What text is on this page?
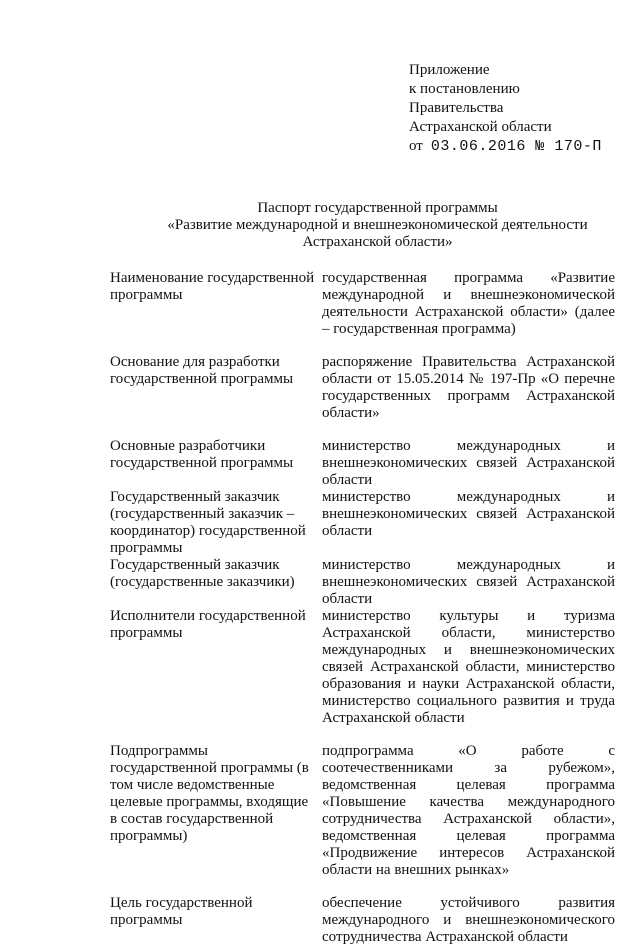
Приложение
к постановлению
Правительства
Астраханской области
от 03.06.2016 № 170-П
Паспорт государственной программы
«Развитие международной и внешнеэкономической деятельности
Астраханской области»
Наименование государственной программы	государственная программа «Развитие международной и внешнеэкономической деятельности Астраханской области» (далее – государственная программа)
Основание для разработки государственной программы	распоряжение Правительства Астраханской области от 15.05.2014 № 197-Пр «О перечне государственных программ Астраханской области»
Основные разработчики государственной программы	министерство международных и внешнеэкономических связей Астраханской области
Государственный заказчик (государственный заказчик – координатор) государственной программы	министерство международных и внешнеэкономических связей Астраханской области
Государственный заказчик (государственные заказчики)	министерство международных и внешнеэкономических связей Астраханской области
Исполнители государственной программы	министерство культуры и туризма Астраханской области, министерство международных и внешнеэкономических связей Астраханской области, министерство образования и науки Астраханской области, министерство социального развития и труда Астраханской области
Подпрограммы государственной программы (в том числе ведомственные целевые программы, входящие в состав государственной программы)	подпрограмма «О работе с соотечественниками за рубежом», ведомственная целевая программа «Повышение качества международного сотрудничества Астраханской области», ведомственная целевая программа «Продвижение интересов Астраханской области на внешних рынках»
Цель государственной программы	обеспечение устойчивого развития международного и внешнеэкономического сотрудничества Астраханской области
